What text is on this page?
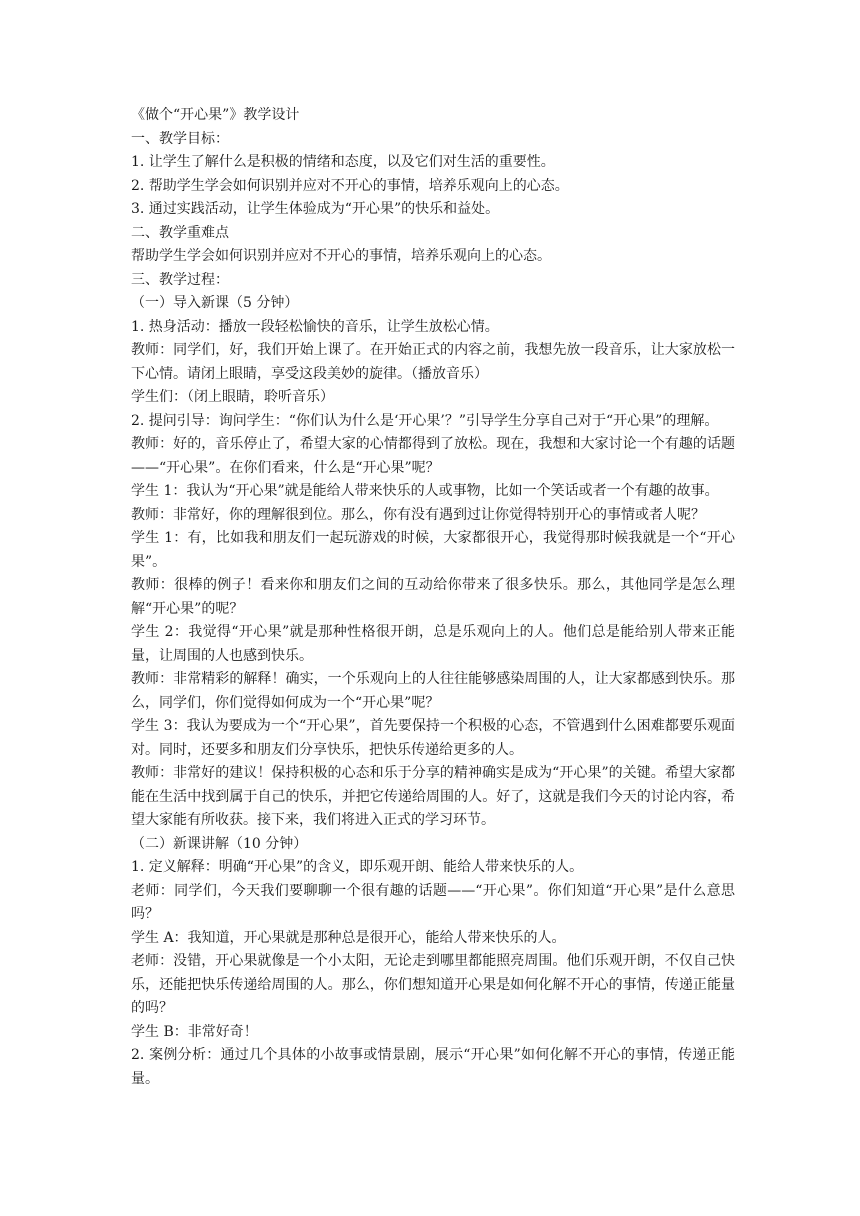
《做个“开心果”》教学设计
一、教学目标：
1. 让学生了解什么是积极的情绪和态度，以及它们对生活的重要性。
2. 帮助学生学会如何识别并应对不开心的事情，培养乐观向上的心态。
3. 通过实践活动，让学生体验成为“开心果”的快乐和益处。
二、教学重难点
帮助学生学会如何识别并应对不开心的事情，培养乐观向上的心态。
三、教学过程：
（一）导入新课（5 分钟）
1. 热身活动：播放一段轻松愉快的音乐，让学生放松心情。
教师：同学们，好，我们开始上课了。在开始正式的内容之前，我想先放一段音乐，让大家放松一下心情。请闭上眼睛，享受这段美妙的旋律。（播放音乐）
学生们：（闭上眼睛，聆听音乐）
2. 提问引导：询问学生：“你们认为什么是‘开心果’？”引导学生分享自己对于“开心果”的理解。
教师：好的，音乐停止了，希望大家的心情都得到了放松。现在，我想和大家讨论一个有趣的话题——“开心果”。在你们看来，什么是“开心果”呢？
学生 1：我认为“开心果”就是能给人带来快乐的人或事物，比如一个笑话或者一个有趣的故事。
教师：非常好，你的理解很到位。那么，你有没有遇到过让你觉得特别开心的事情或者人呢？
学生 1：有，比如我和朋友们一起玩游戏的时候，大家都很开心，我觉得那时候我就是一个“开心果”。
教师：很棒的例子！看来你和朋友们之间的互动给你带来了很多快乐。那么，其他同学是怎么理解“开心果”的呢？
学生 2：我觉得“开心果”就是那种性格很开朗，总是乐观向上的人。他们总是能给别人带来正能量，让周围的人也感到快乐。
教师：非常精彩的解释！确实，一个乐观向上的人往往能够感染周围的人，让大家都感到快乐。那么，同学们，你们觉得如何成为一个“开心果”呢？
学生 3：我认为要成为一个“开心果”，首先要保持一个积极的心态，不管遇到什么困难都要乐观面对。同时，还要多和朋友们分享快乐，把快乐传递给更多的人。
教师：非常好的建议！保持积极的心态和乐于分享的精神确实是成为“开心果”的关键。希望大家都能在生活中找到属于自己的快乐，并把它传递给周围的人。好了，这就是我们今天的讨论内容，希望大家能有所收获。接下来，我们将进入正式的学习环节。
（二）新课讲解（10 分钟）
1. 定义解释：明确“开心果”的含义，即乐观开朗、能给人带来快乐的人。
老师：同学们，今天我们要聊聊一个很有趣的话题——“开心果”。你们知道“开心果”是什么意思吗？
学生 A：我知道，开心果就是那种总是很开心，能给人带来快乐的人。
老师：没错，开心果就像是一个小太阳，无论走到哪里都能照亮周围。他们乐观开朗，不仅自己快乐，还能把快乐传递给周围的人。那么，你们想知道开心果是如何化解不开心的事情，传递正能量的吗？
学生 B：非常好奇！
2. 案例分析：通过几个具体的小故事或情景剧，展示“开心果”如何化解不开心的事情，传递正能量。
